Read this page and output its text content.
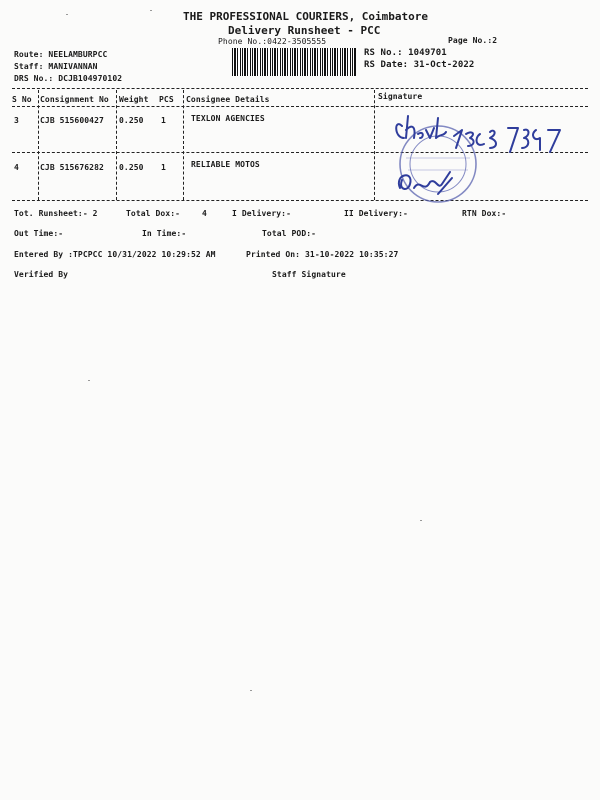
THE PROFESSIONAL COURIERS, Coimbatore
Delivery Runsheet - PCC
Phone No.:0422-3505555	Page No.:2
Route: NEELAMBURPCC
Staff: MANIVANNAN
DRS No.: DCJB104970102
RS No.: 1049701
RS Date: 31-Oct-2022
S No Consignment No Weight PCS Consignee Details	Signature
3	CJB 515600427 0.250 1	TEXLON AGENCIES
4	CJB 515676282 0.250 1	RELIABLE MOTOS
Tot. Runsheet:- 2	Total Dox:-	4	I Delivery:-	II Delivery:-	RTN Dox:-
Out Time:-	In Time:-	Total POD:-
Entered By :TPCPCC 10/31/2022 10:29:52 AM	Printed On: 31-10-2022 10:35:27
Verified By	Staff Signature
